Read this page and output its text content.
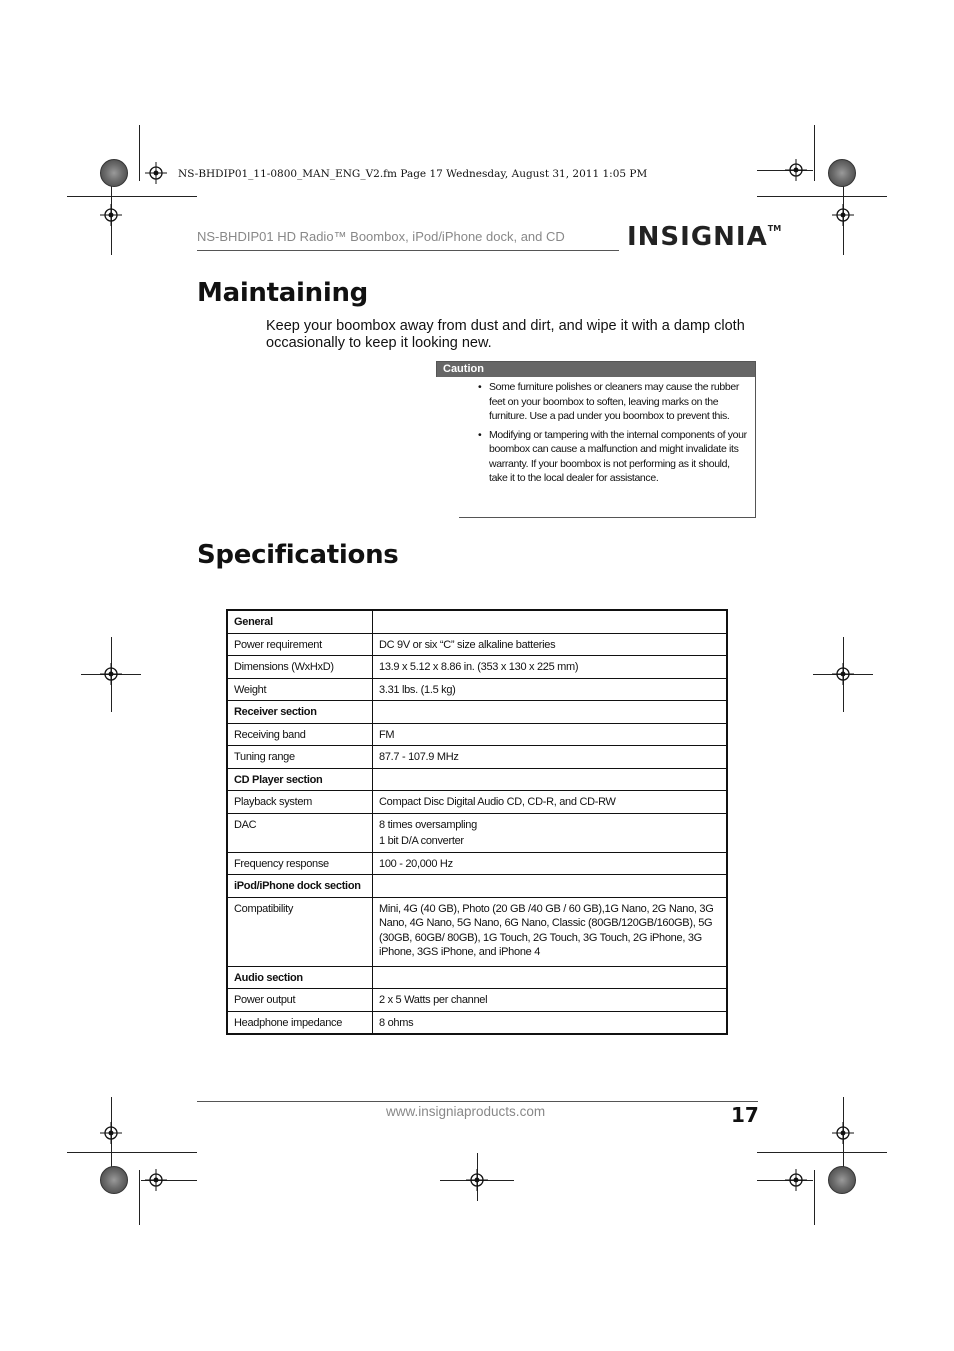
NS-BHDIP01_11-0800_MAN_ENG_V2.fm Page 17 Wednesday, August 31, 2011 1:05 PM
NS-BHDIP01 HD Radio™ Boombox, iPod/iPhone dock, and CD INSIGNIA™
Maintaining
Keep your boombox away from dust and dirt, and wipe it with a damp cloth occasionally to keep it looking new.
Caution
• Some furniture polishes or cleaners may cause the rubber feet on your boombox to soften, leaving marks on the furniture. Use a pad under you boombox to prevent this.
• Modifying or tampering with the internal components of your boombox can cause a malfunction and might invalidate its warranty. If your boombox is not performing as it should, take it to the local dealer for assistance.
Specifications
General	
Power requirement	DC 9V or six “C” size alkaline batteries
Dimensions (WxHxD)	13.9 x 5.12 x 8.86 in. (353 x 130 x 225 mm)
Weight	3.31 lbs. (1.5 kg)
Receiver section	
Receiving band	FM
Tuning range	87.7 - 107.9 MHz
CD Player section	
Playback system	Compact Disc Digital Audio CD, CD-R, and CD-RW
DAC	8 times oversampling
1 bit D/A converter

Frequency response	100 - 20,000 Hz
iPod/iPhone dock section	
Compatibility	Mini, 4G (40 GB), Photo (20 GB /40 GB / 60 GB),1G Nano, 2G Nano, 3G Nano, 4G Nano, 5G Nano, 6G Nano, Classic (80GB/120GB/160GB), 5G (30GB, 60GB/ 80GB), 1G Touch, 2G Touch, 3G Touch, 2G iPhone, 3G iPhone, 3GS iPhone, and iPhone 4
Audio section	
Power output	2 x 5 Watts per channel
Headphone impedance	8 ohms
www.insigniaproducts.com	17
